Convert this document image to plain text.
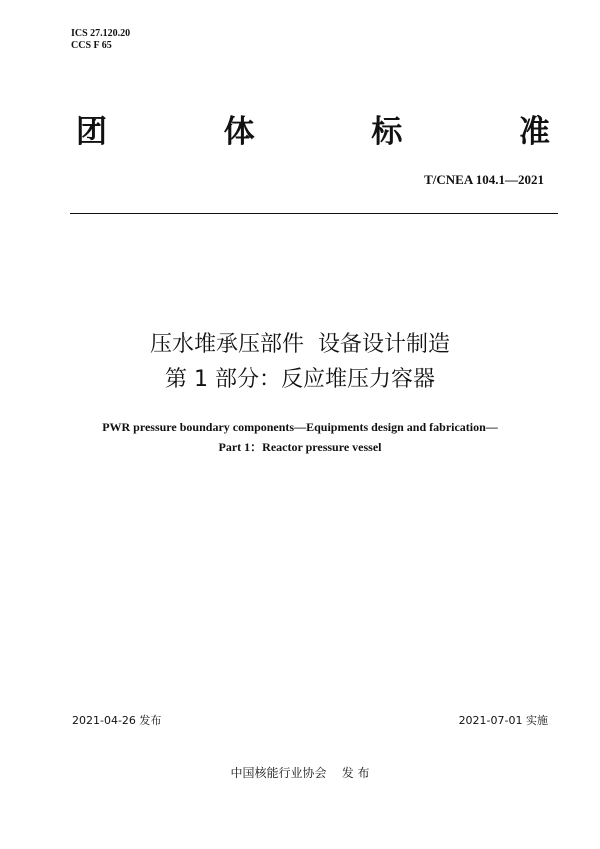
ICS 27.120.20
CCS F 65
团	体	标	准
T/CNEA 104.1—2021
压水堆承压部件  设备设计制造
第 1 部分：反应堆压力容器
PWR pressure boundary components—Equipments design and fabrication—
Part 1：Reactor pressure vessel
2021-04-26 发布	2021-07-01 实施
中国核能行业协会    发 布
